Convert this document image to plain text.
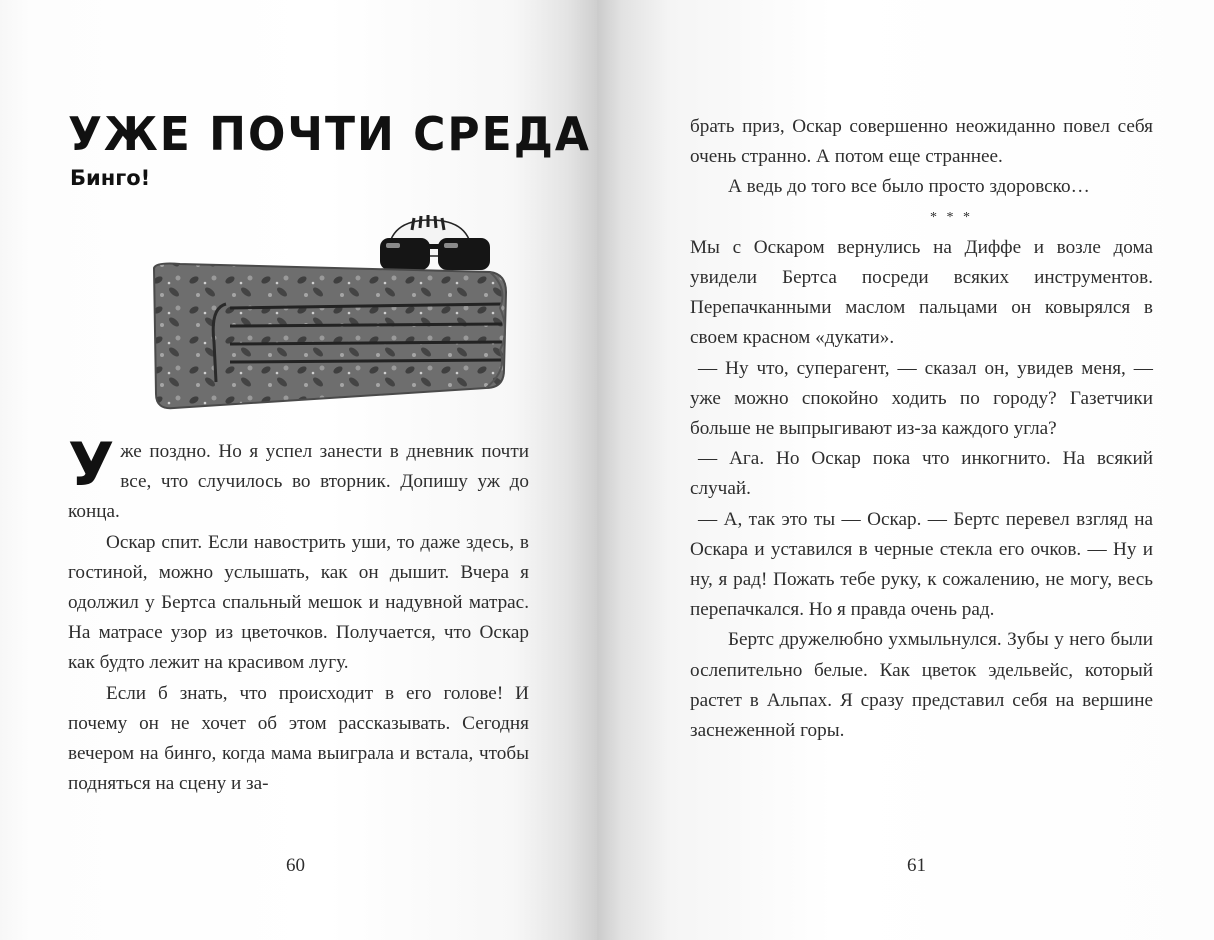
УЖЕ ПОЧТИ СРЕДА
Бинго!

Уже поздно. Но я успел занести в дневник почти все, что случилось во вторник. Допишу уж до конца.

Оскар спит. Если навострить уши, то даже здесь, в гостиной, можно услышать, как он дышит. Вчера я одолжил у Бертса спальный мешок и надувной матрас. На матрасе узор из цветочков. Получается, что Оскар как будто лежит на красивом лугу.

Если б знать, что происходит в его голове! И почему он не хочет об этом рассказывать. Сегодня вечером на бинго, когда мама выиграла и встала, чтобы подняться на сцену и за-

60

брать приз, Оскар совершенно неожиданно повел себя очень странно. А потом еще страннее.

А ведь до того все было просто здоровско…

* * *

Мы с Оскаром вернулись на Диффе и возле дома увидели Бертса посреди всяких инструментов. Перепачканными маслом пальцами он ковырялся в своем красном «дукати».

— Ну что, суперагент, — сказал он, увидев меня, — уже можно спокойно ходить по городу? Газетчики больше не выпрыгивают из-за каждого угла?

— Ага. Но Оскар пока что инкогнито. На всякий случай.

— А, так это ты — Оскар. — Бертс перевел взгляд на Оскара и уставился в черные стекла его очков. — Ну и ну, я рад! Пожать тебе руку, к сожалению, не могу, весь перепачкался. Но я правда очень рад.

Бертс дружелюбно ухмыльнулся. Зубы у него были ослепительно белые. Как цветок эдельвейс, который растет в Альпах. Я сразу представил себя на вершине заснеженной горы.

61
